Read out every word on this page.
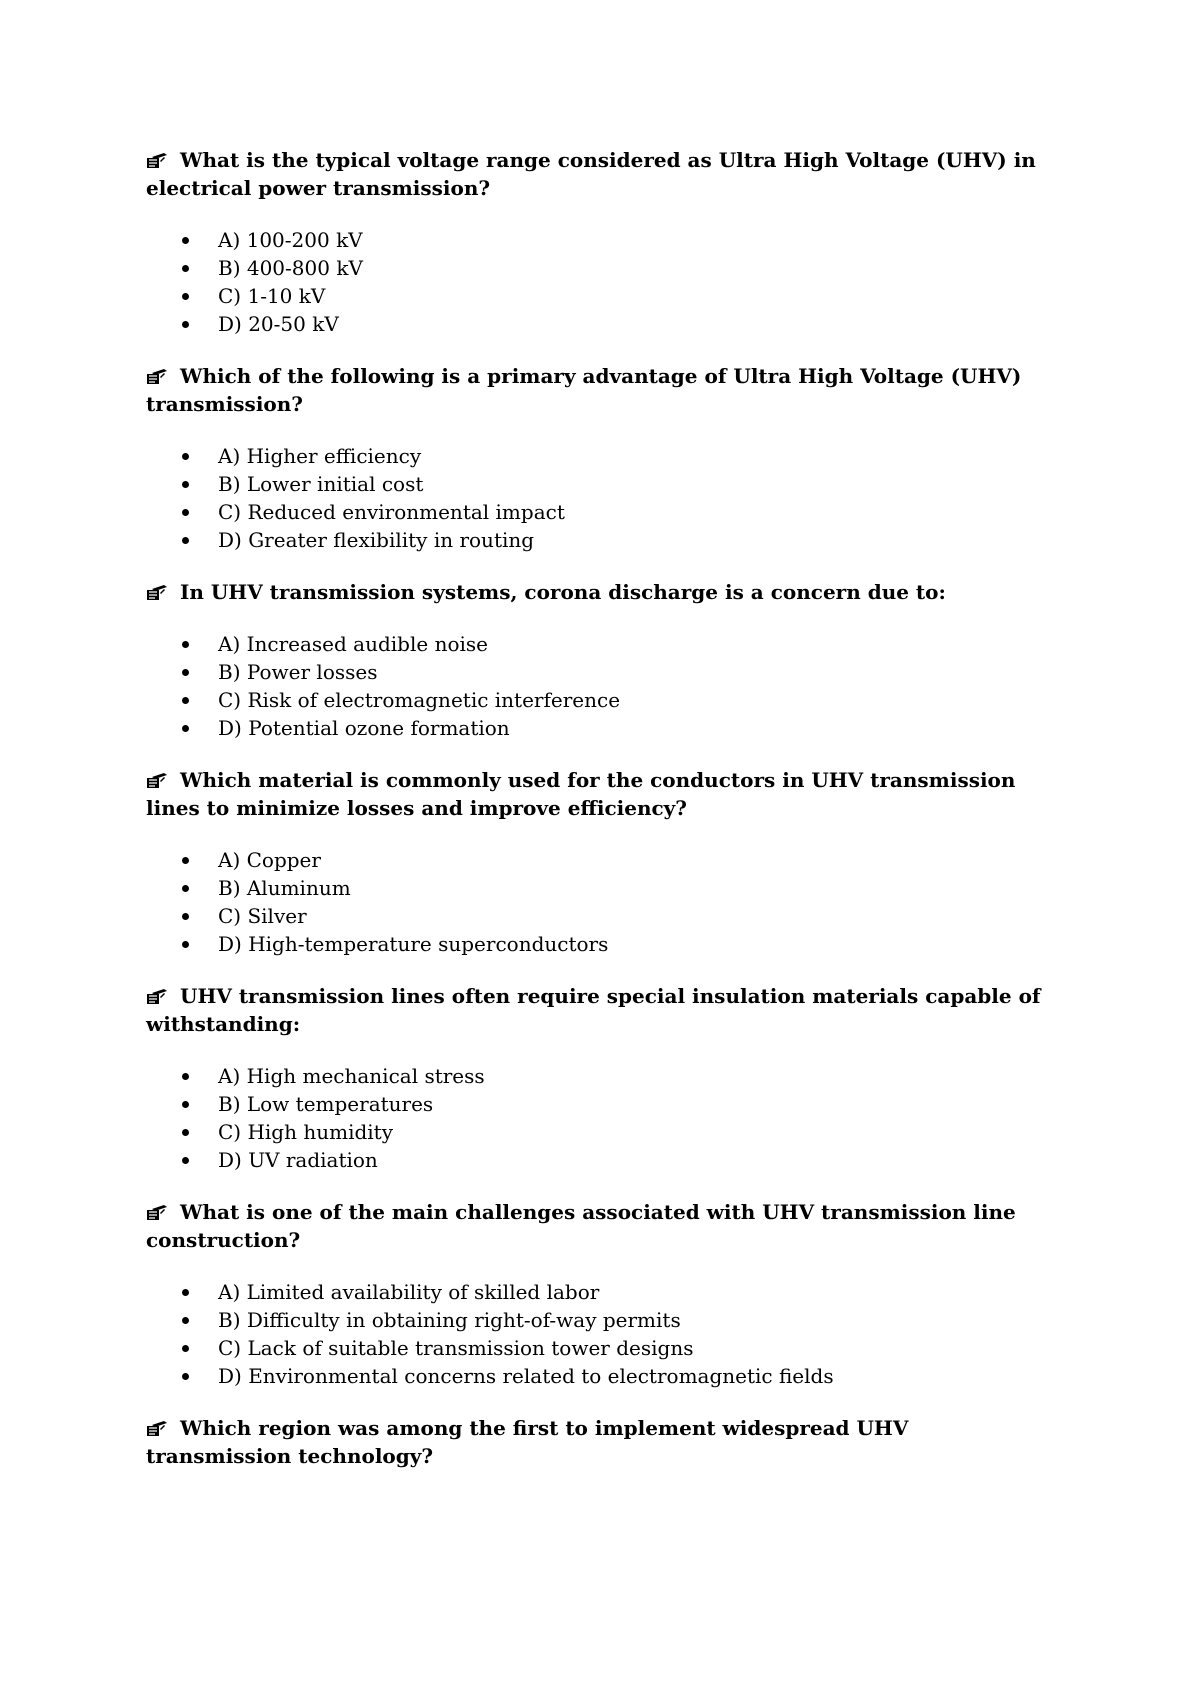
What is the typical voltage range considered as Ultra High Voltage (UHV) in electrical power transmission?
A) 100-200 kV
B) 400-800 kV
C) 1-10 kV
D) 20-50 kV
Which of the following is a primary advantage of Ultra High Voltage (UHV) transmission?
A) Higher efficiency
B) Lower initial cost
C) Reduced environmental impact
D) Greater flexibility in routing
In UHV transmission systems, corona discharge is a concern due to:
A) Increased audible noise
B) Power losses
C) Risk of electromagnetic interference
D) Potential ozone formation
Which material is commonly used for the conductors in UHV transmission lines to minimize losses and improve efficiency?
A) Copper
B) Aluminum
C) Silver
D) High-temperature superconductors
UHV transmission lines often require special insulation materials capable of withstanding:
A) High mechanical stress
B) Low temperatures
C) High humidity
D) UV radiation
What is one of the main challenges associated with UHV transmission line construction?
A) Limited availability of skilled labor
B) Difficulty in obtaining right-of-way permits
C) Lack of suitable transmission tower designs
D) Environmental concerns related to electromagnetic fields
Which region was among the first to implement widespread UHV transmission technology?
